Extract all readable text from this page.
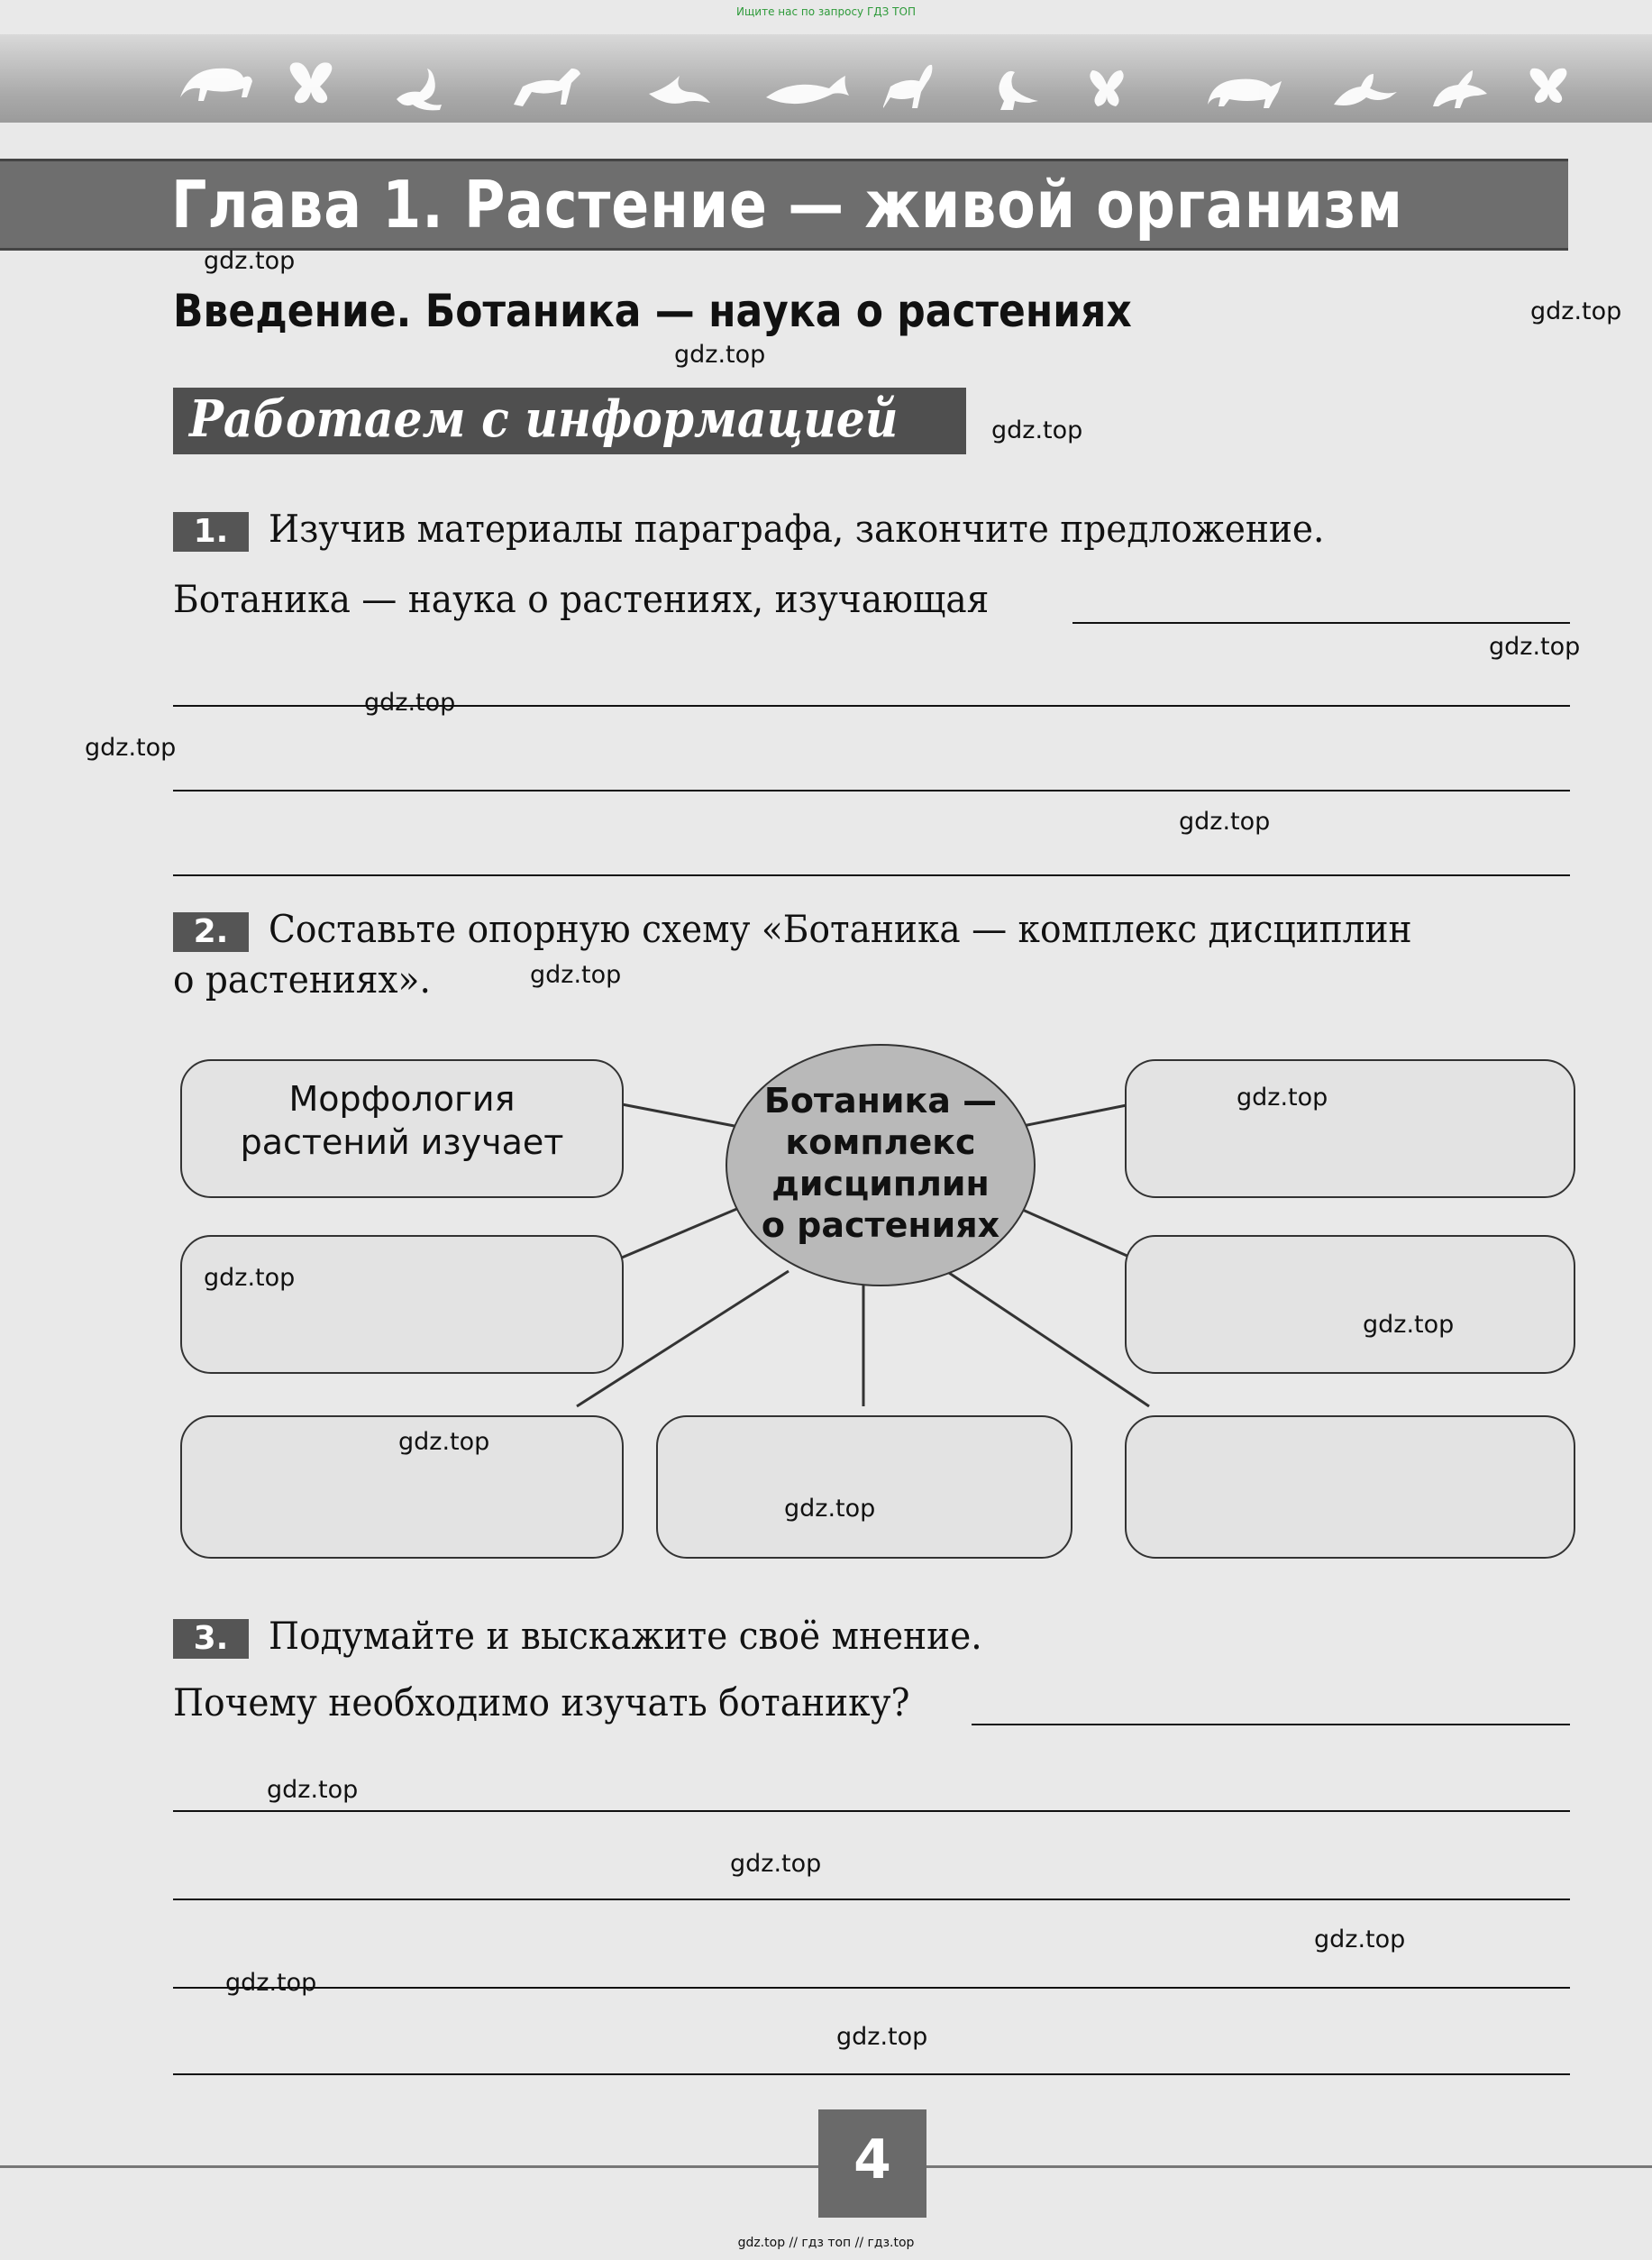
Ищите нас по запросу ГДЗ ТОП
Глава 1. Растение — живой организм
Введение. Ботаника — наука о растениях
Работаем с информацией
1.	Изучив материалы параграфа, закончите предложение.
Ботаника — наука о растениях, изучающая
2.	Составьте опорную схему «Ботаника — комплекс дисциплин
о растениях».
Морфология
растений изучает
Ботаника —
комплекс
дисциплин
о растениях
3.	Подумайте и выскажите своё мнение.
Почему необходимо изучать ботанику?
gdz.top
gdz.top
gdz.top
gdz.top
gdz.top
gdz.top
gdz.top
gdz.top
gdz.top
gdz.top
gdz.top
gdz.top
gdz.top
gdz.top
gdz.top
gdz.top
gdz.top
gdz.top
gdz.top
4
gdz.top // гдз топ // гдз.top
